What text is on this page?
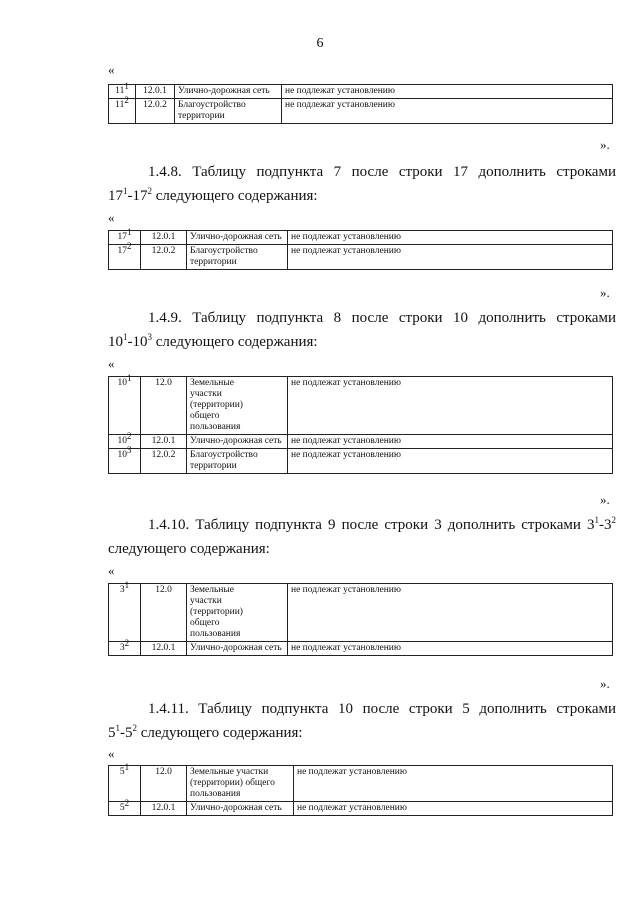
6
«
$11^1$	12.0.1	Улично-дорожная сеть	не подлежат установлению
$11^2$	12.0.2	Благоустройство территории	не подлежат установлению
».
1.4.8. Таблицу подпункта 7 после строки 17 дополнить строками
$17^1-17^2$ следующего содержания:
«
$17^1$	12.0.1	Улично-дорожная сеть	не подлежат установлению
$17^2$	12.0.2	Благоустройство территории	не подлежат установлению
».
1.4.9. Таблицу подпункта 8 после строки 10 дополнить строками
$10^1-10^3$ следующего содержания:
«
$10^1$	12.0	Земельные участки (территории) общего пользования	не подлежат установлению
$10^2$	12.0.1	Улично-дорожная сеть	не подлежат установлению
$10^3$	12.0.2	Благоустройство территории	не подлежат установлению
».
1.4.10. Таблицу подпункта 9 после строки 3 дополнить строками $3^1-3^2$
следующего содержания:
«
$3^1$	12.0	Земельные участки (территории) общего пользования	не подлежат установлению
$3^2$	12.0.1	Улично-дорожная сеть	не подлежат установлению
».
1.4.11. Таблицу подпункта 10 после строки 5 дополнить строками
$5^1-5^2$ следующего содержания:
«
$5^1$	12.0	Земельные участки (территории) общего пользования	не подлежат установлению
$5^2$	12.0.1	Улично-дорожная сеть	не подлежат установлению
